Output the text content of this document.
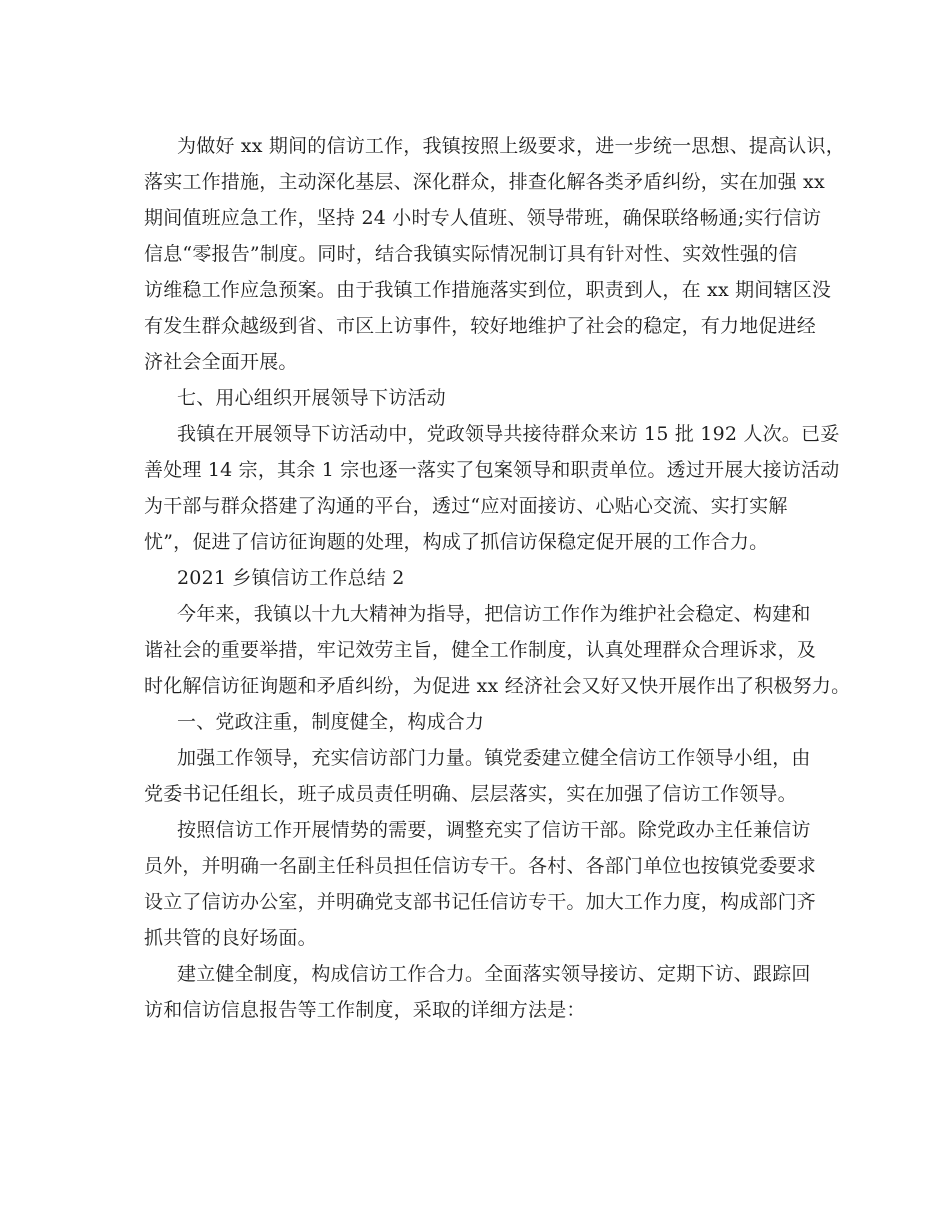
为做好 xx 期间的信访工作，我镇按照上级要求，进一步统一思想、提高认识，
落实工作措施，主动深化基层、深化群众，排查化解各类矛盾纠纷，实在加强 xx
期间值班应急工作，坚持 24 小时专人值班、领导带班，确保联络畅通;实行信访
信息“零报告”制度。同时，结合我镇实际情况制订具有针对性、实效性强的信
访维稳工作应急预案。由于我镇工作措施落实到位，职责到人，在 xx 期间辖区没
有发生群众越级到省、市区上访事件，较好地维护了社会的稳定，有力地促进经
济社会全面开展。
七、用心组织开展领导下访活动
我镇在开展领导下访活动中，党政领导共接待群众来访 15 批 192 人次。已妥
善处理 14 宗，其余 1 宗也逐一落实了包案领导和职责单位。透过开展大接访活动
为干部与群众搭建了沟通的平台，透过“应对面接访、心贴心交流、实打实解
忧”，促进了信访征询题的处理，构成了抓信访保稳定促开展的工作合力。
2021 乡镇信访工作总结 2
今年来，我镇以十九大精神为指导，把信访工作作为维护社会稳定、构建和
谐社会的重要举措，牢记效劳主旨，健全工作制度，认真处理群众合理诉求，及
时化解信访征询题和矛盾纠纷，为促进 xx 经济社会又好又快开展作出了积极努力。
一、党政注重，制度健全，构成合力
加强工作领导，充实信访部门力量。镇党委建立健全信访工作领导小组，由
党委书记任组长，班子成员责任明确、层层落实，实在加强了信访工作领导。
按照信访工作开展情势的需要，调整充实了信访干部。除党政办主任兼信访
员外，并明确一名副主任科员担任信访专干。各村、各部门单位也按镇党委要求
设立了信访办公室，并明确党支部书记任信访专干。加大工作力度，构成部门齐
抓共管的良好场面。
建立健全制度，构成信访工作合力。全面落实领导接访、定期下访、跟踪回
访和信访信息报告等工作制度，采取的详细方法是：
